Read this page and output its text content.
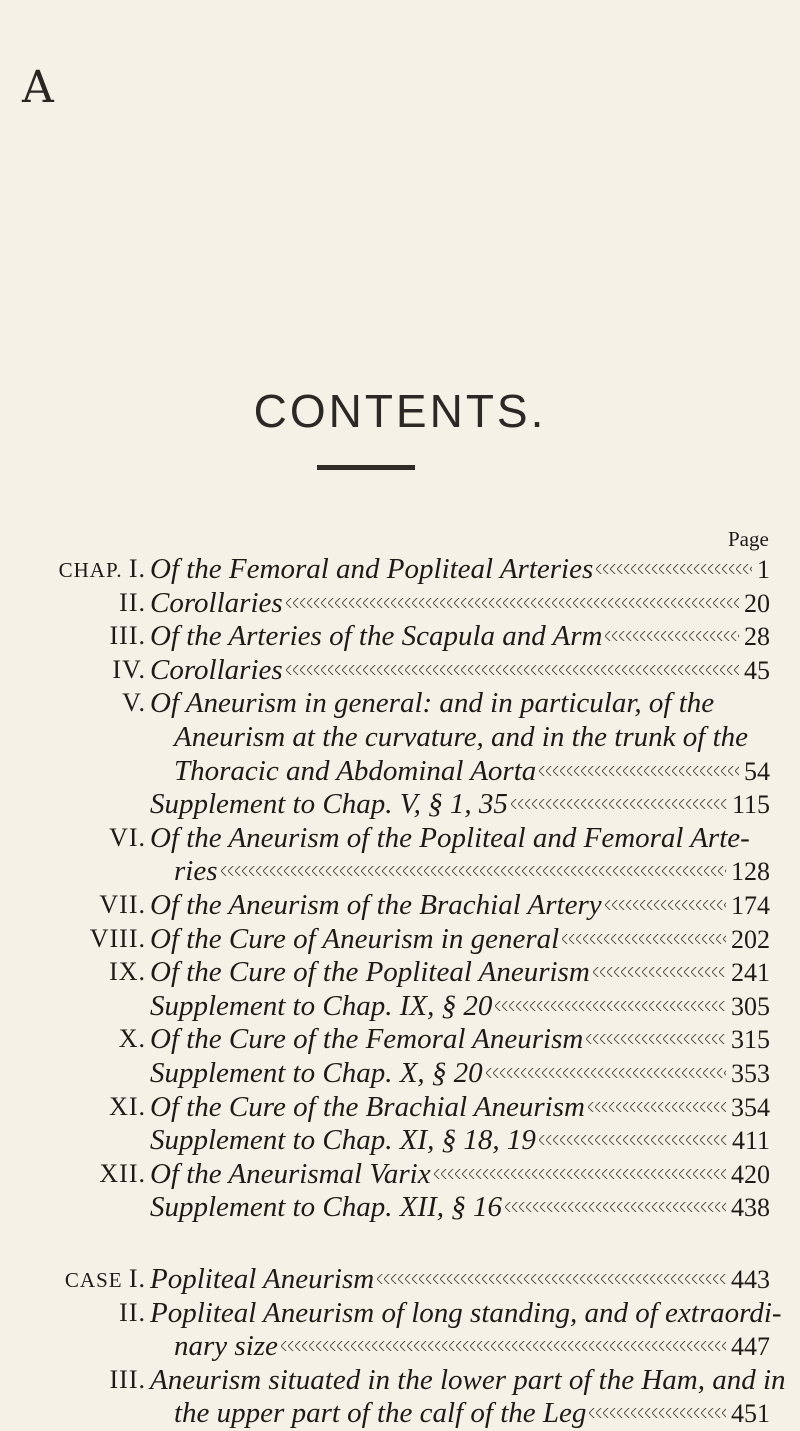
A
CONTENTS.
Page
CHAP. I. Of the Femoral and Popliteal Arteries	1
II. Corollaries	20
III. Of the Arteries of the Scapula and Arm	28
IV. Corollaries	45
V. Of Aneurism in general: and in particular, of the
Aneurism at the curvature, and in the trunk of the
Thoracic and Abdominal Aorta	54
Supplement to Chap. V, § 1, 35	115
VI. Of the Aneurism of the Popliteal and Femoral Arte-
ries	128
VII. Of the Aneurism of the Brachial Artery	174
VIII. Of the Cure of Aneurism in general	202
IX. Of the Cure of the Popliteal Aneurism	241
Supplement to Chap. IX, § 20	305
X. Of the Cure of the Femoral Aneurism	315
Supplement to Chap. X, § 20	353
XI. Of the Cure of the Brachial Aneurism	354
Supplement to Chap. XI, § 18, 19	411
XII. Of the Aneurismal Varix	420
Supplement to Chap. XII, § 16	438
CASE I. Popliteal Aneurism	443
II. Popliteal Aneurism of long standing, and of extraordi-
nary size	447
III. Aneurism situated in the lower part of the Ham, and in
the upper part of the calf of the Leg	451
